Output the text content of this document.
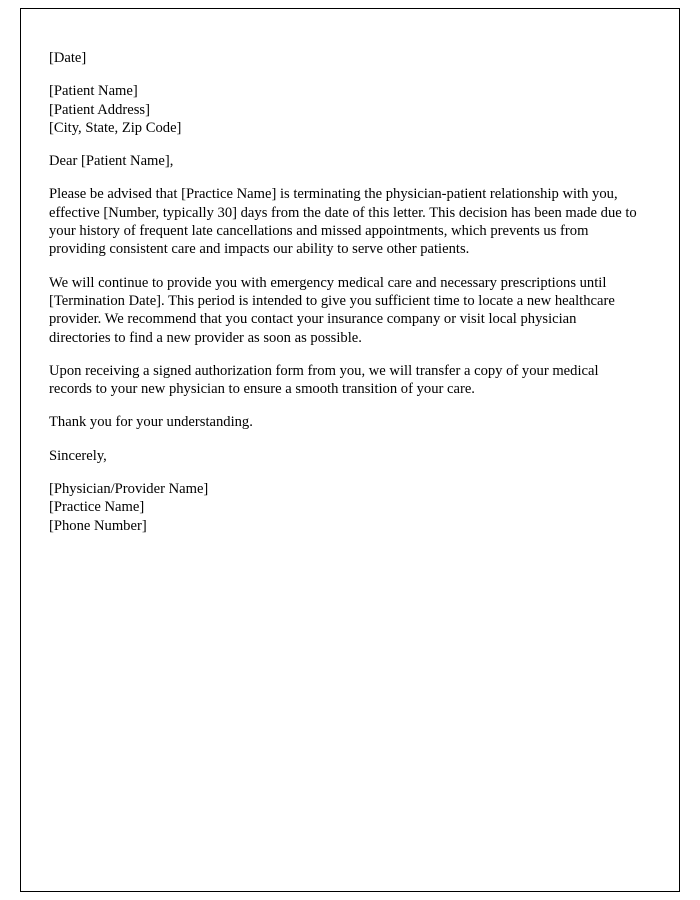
[Date]

[Patient Name]

[Patient Address]

[City, State, Zip Code]

Dear [Patient Name],

Please be advised that [Practice Name] is terminating the physician-patient relationship with you, effective [Number, typically 30] days from the date of this letter. This decision has been made due to your history of frequent late cancellations and missed appointments, which prevents us from providing consistent care and impacts our ability to serve other patients.

We will continue to provide you with emergency medical care and necessary prescriptions until [Termination Date]. This period is intended to give you sufficient time to locate a new healthcare provider. We recommend that you contact your insurance company or visit local physician directories to find a new provider as soon as possible.

Upon receiving a signed authorization form from you, we will transfer a copy of your medical records to your new physician to ensure a smooth transition of your care.

Thank you for your understanding.

Sincerely,

[Physician/Provider Name]

[Practice Name]

[Phone Number]
